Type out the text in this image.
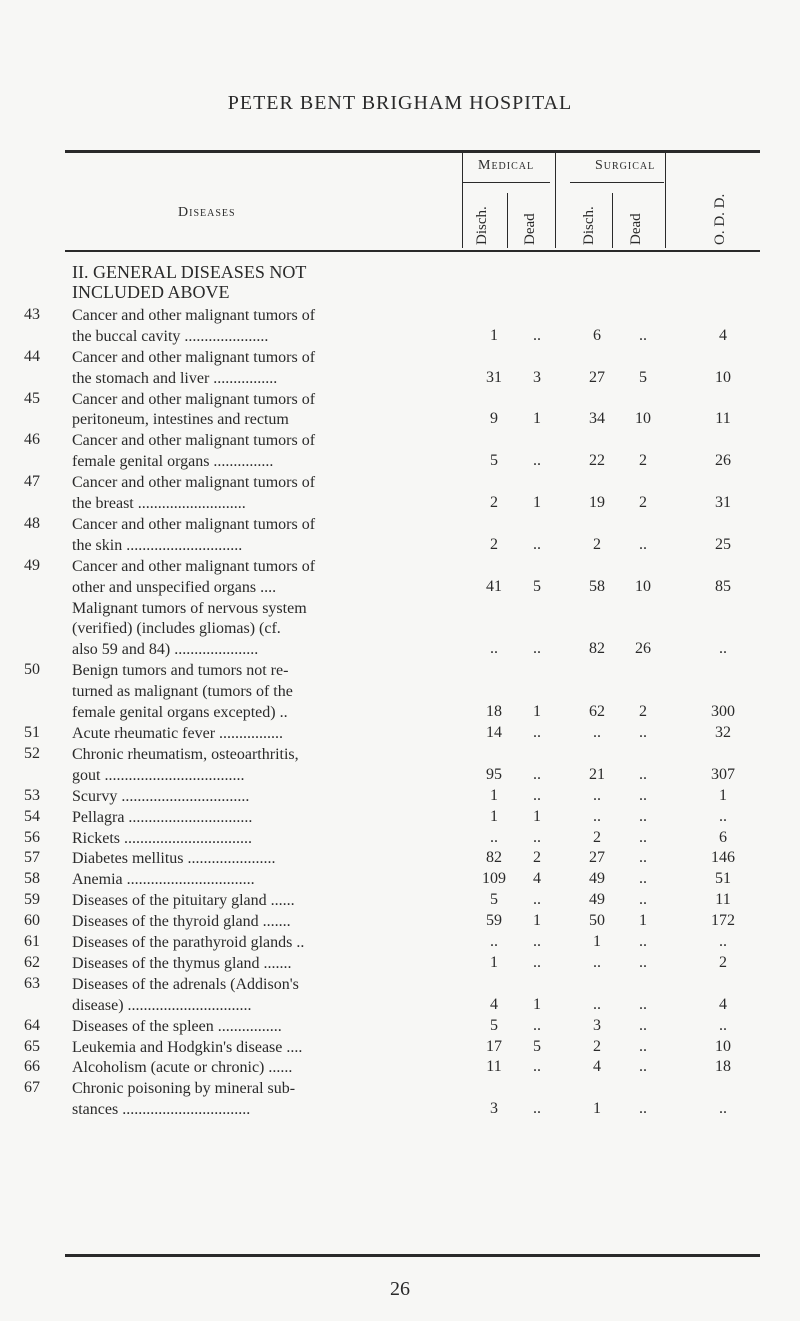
PETER BENT BRIGHAM HOSPITAL
Diseases
Medical	Surgical
Disch. Dead	Disch. Dead	O. D. D.
II. GENERAL DISEASES NOT
INCLUDED ABOVE
43	Cancer and other malignant tumors of
the buccal cavity .....................	1	..	6	..	4
44	Cancer and other malignant tumors of
the stomach and liver ................	31	3	27	5	10
45	Cancer and other malignant tumors of
peritoneum, intestines and rectum	9	1	34	10	11
46	Cancer and other malignant tumors of
female genital organs ...............	5	..	22	2	26
47	Cancer and other malignant tumors of
the breast ...........................	2	1	19	2	31
48	Cancer and other malignant tumors of
the skin .............................	2	..	2	..	25
49	Cancer and other malignant tumors of
other and unspecified organs ....	41	5	58	10	85
Malignant tumors of nervous system
(verified) (includes gliomas) (cf.
also 59 and 84) .....................	..	..	82	26	..
50	Benign tumors and tumors not re-
turned as malignant (tumors of the
female genital organs excepted) ..	18	1	62	2	300
51	Acute rheumatic fever ................	14	..	..	..	32
52	Chronic rheumatism, osteoarthritis,
gout ...................................	95	..	21	..	307
53	Scurvy ................................	1	..	..	..	1
54	Pellagra ...............................	1	1	..	..	..
56	Rickets ................................	..	..	2	..	6
57	Diabetes mellitus ......................	82	2	27	..	146
58	Anemia ................................	109	4	49	..	51
59	Diseases of the pituitary gland ......	5	..	49	..	11
60	Diseases of the thyroid gland .......	59	1	50	1	172
61	Diseases of the parathyroid glands ..	..	..	1	..	..
62	Diseases of the thymus gland .......	1	..	..	..	2
63	Diseases of the adrenals (Addison's
disease) ...............................	4	1	..	..	4
64	Diseases of the spleen ................	5	..	3	..	..
65	Leukemia and Hodgkin's disease ....	17	5	2	..	10
66	Alcoholism (acute or chronic) ......	11	..	4	..	18
67	Chronic poisoning by mineral sub-
stances ................................	3	..	1	..	..
26
